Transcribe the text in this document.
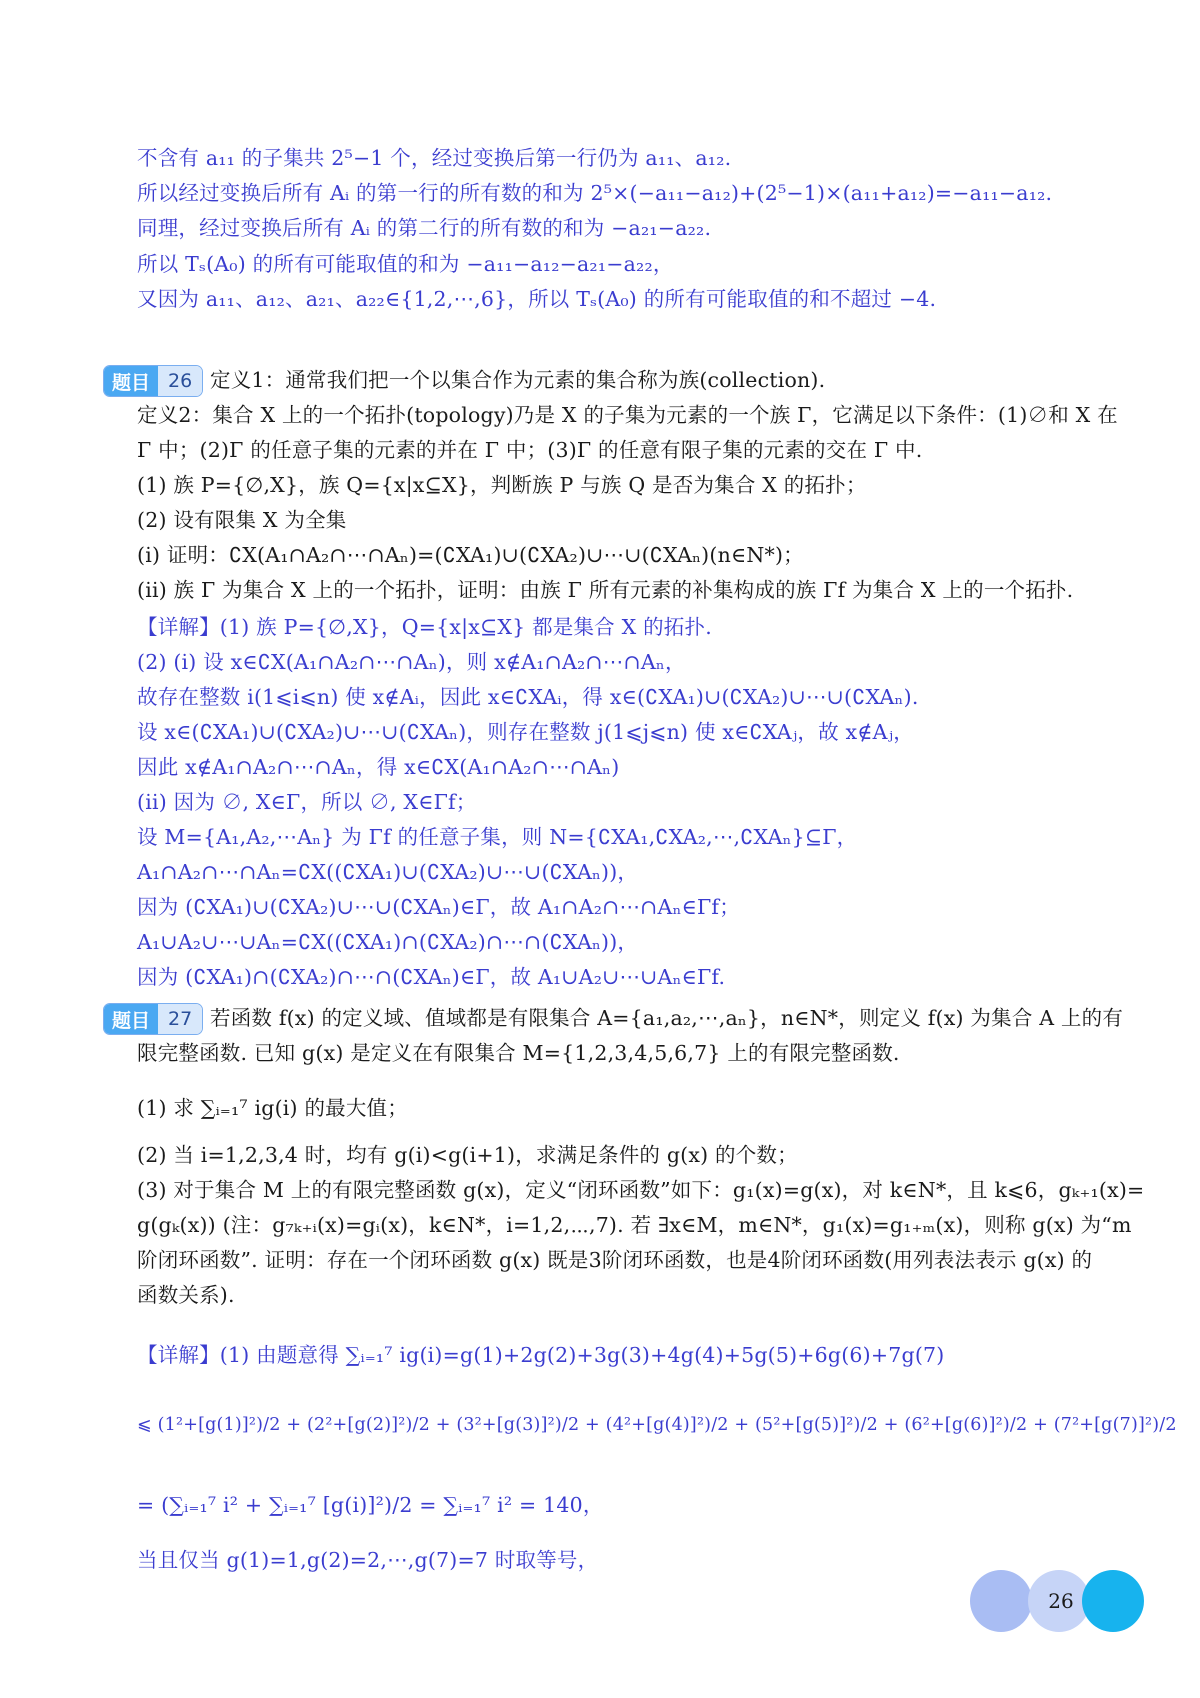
不含有 a₁₁ 的子集共 2⁵−1 个，经过变换后第一行仍为 a₁₁、a₁₂.
所以经过变换后所有 Aᵢ 的第一行的所有数的和为 2⁵×(−a₁₁−a₁₂)+(2⁵−1)×(a₁₁+a₁₂)=−a₁₁−a₁₂.
同理，经过变换后所有 Aᵢ 的第二行的所有数的和为 −a₂₁−a₂₂.
所以 Tₛ(A₀) 的所有可能取值的和为 −a₁₁−a₁₂−a₂₁−a₂₂，
又因为 a₁₁、a₁₂、a₂₁、a₂₂∈{1,2,⋯,6}，所以 Tₛ(A₀) 的所有可能取值的和不超过 −4.
题目 26 定义1：通常我们把一个以集合作为元素的集合称为族(collection).
定义2：集合 X 上的一个拓扑(topology)乃是 X 的子集为元素的一个族 Γ，它满足以下条件：(1)∅和 X 在
Γ 中；(2)Γ 的任意子集的元素的并在 Γ 中；(3)Γ 的任意有限子集的元素的交在 Γ 中.
(1) 族 P={∅,X}，族 Q={x|x⊆X}，判断族 P 与族 Q 是否为集合 X 的拓扑；
(2) 设有限集 X 为全集
(i) 证明：∁X(A₁∩A₂∩⋯∩Aₙ)=(∁XA₁)∪(∁XA₂)∪⋯∪(∁XAₙ)(n∈N*)；
(ii) 族 Γ 为集合 X 上的一个拓扑，证明：由族 Γ 所有元素的补集构成的族 Γf 为集合 X 上的一个拓扑.
【详解】(1) 族 P={∅,X}，Q={x|x⊆X} 都是集合 X 的拓扑.
(2) (i) 设 x∈∁X(A₁∩A₂∩⋯∩Aₙ)，则 x∉A₁∩A₂∩⋯∩Aₙ，
故存在整数 i(1⩽i⩽n) 使 x∉Aᵢ，因此 x∈∁XAᵢ，得 x∈(∁XA₁)∪(∁XA₂)∪⋯∪(∁XAₙ).
设 x∈(∁XA₁)∪(∁XA₂)∪⋯∪(∁XAₙ)，则存在整数 j(1⩽j⩽n) 使 x∈∁XAⱼ，故 x∉Aⱼ，
因此 x∉A₁∩A₂∩⋯∩Aₙ，得 x∈∁X(A₁∩A₂∩⋯∩Aₙ)
(ii) 因为 ∅, X∈Γ，所以 ∅, X∈Γf；
设 M={A₁,A₂,⋯Aₙ} 为 Γf 的任意子集，则 N={∁XA₁,∁XA₂,⋯,∁XAₙ}⊆Γ，
A₁∩A₂∩⋯∩Aₙ=∁X((∁XA₁)∪(∁XA₂)∪⋯∪(∁XAₙ))，
因为 (∁XA₁)∪(∁XA₂)∪⋯∪(∁XAₙ)∈Γ，故 A₁∩A₂∩⋯∩Aₙ∈Γf；
A₁∪A₂∪⋯∪Aₙ=∁X((∁XA₁)∩(∁XA₂)∩⋯∩(∁XAₙ))，
因为 (∁XA₁)∩(∁XA₂)∩⋯∩(∁XAₙ)∈Γ，故 A₁∪A₂∪⋯∪Aₙ∈Γf.
题目 27 若函数 f(x) 的定义域、值域都是有限集合 A={a₁,a₂,⋯,aₙ}，n∈N*，则定义 f(x) 为集合 A 上的有
限完整函数. 已知 g(x) 是定义在有限集合 M={1,2,3,4,5,6,7} 上的有限完整函数.
(1) 求 ∑ᵢ₌₁⁷ ig(i) 的最大值；
(2) 当 i=1,2,3,4 时，均有 g(i)<g(i+1)，求满足条件的 g(x) 的个数；
(3) 对于集合 M 上的有限完整函数 g(x)，定义“闭环函数”如下：g₁(x)=g(x)，对 k∈N*，且 k⩽6，gₖ₊₁(x)=
g(gₖ(x)) (注：g₇ₖ₊ᵢ(x)=gᵢ(x)，k∈N*，i=1,2,⋯,7). 若 ∃x∈M，m∈N*，g₁(x)=g₁₊ₘ(x)，则称 g(x) 为“m
阶闭环函数”. 证明：存在一个闭环函数 g(x) 既是3阶闭环函数，也是4阶闭环函数(用列表法表示 g(x) 的
函数关系).
【详解】(1) 由题意得 ∑ᵢ₌₁⁷ ig(i)=g(1)+2g(2)+3g(3)+4g(4)+5g(5)+6g(6)+7g(7)
⩽ (1²+[g(1)]²)/2 + (2²+[g(2)]²)/2 + (3²+[g(3)]²)/2 + (4²+[g(4)]²)/2 + (5²+[g(5)]²)/2 + (6²+[g(6)]²)/2 + (7²+[g(7)]²)/2
= (∑ᵢ₌₁⁷ i² + ∑ᵢ₌₁⁷ [g(i)]²)/2 = ∑ᵢ₌₁⁷ i² = 140，
当且仅当 g(1)=1,g(2)=2,⋯,g(7)=7 时取等号，
26
